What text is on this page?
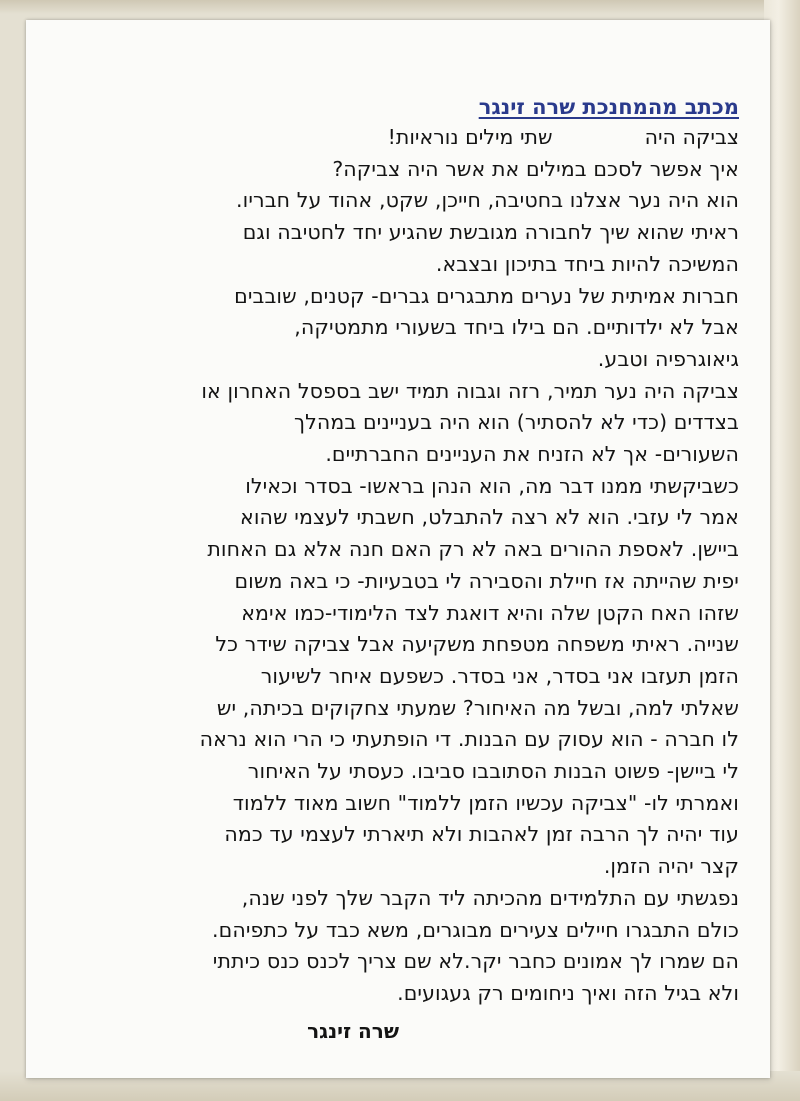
מכתב מהמחנכת שרה זינגר
צביקה היהשתי מילים נוראיות!
איך אפשר לסכם במילים את אשר היה צביקה?
הוא היה נער אצלנו בחטיבה, חייכן, שקט, אהוד על חבריו.
ראיתי שהוא שיך לחבורה מגובשת שהגיע יחד לחטיבה וגם
המשיכה להיות ביחד בתיכון ובצבא.
חברות אמיתית של נערים מתבגרים גברים- קטנים, שובבים
אבל לא ילדותיים. הם בילו ביחד בשעורי מתמטיקה,
גיאוגרפיה וטבע.
צביקה היה נער תמיר, רזה וגבוה תמיד ישב בספסל האחרון או
בצדדים (כדי לא להסתיר) הוא היה בעניינים במהלך
השעורים- אך לא הזניח את העניינים החברתיים.
כשביקשתי ממנו דבר מה, הוא הנהן בראשו- בסדר וכאילו
אמר לי עזבי. הוא לא רצה להתבלט, חשבתי לעצמי שהוא
ביישן. לאספת ההורים באה לא רק האם חנה אלא גם האחות
יפית שהייתה אז חיילת והסבירה לי בטבעיות- כי באה משום
שזהו האח הקטן שלה והיא דואגת לצד הלימודי-כמו אימא
שנייה. ראיתי משפחה מטפחת משקיעה אבל צביקה שידר כל
הזמן תעזבו אני בסדר, אני בסדר. כשפעם איחר לשיעור
שאלתי למה, ובשל מה האיחור? שמעתי צחקוקים בכיתה, יש
לו חברה - הוא עסוק עם הבנות. די הופתעתי כי הרי הוא נראה
לי ביישן- פשוט הבנות הסתובבו סביבו. כעסתי על האיחור
ואמרתי לו- "צביקה עכשיו הזמן ללמוד" חשוב מאוד ללמוד
עוד יהיה לך הרבה זמן לאהבות ולא תיארתי לעצמי עד כמה
קצר יהיה הזמן.
נפגשתי עם התלמידים מהכיתה ליד הקבר שלך לפני שנה,
כולם התבגרו חיילים צעירים מבוגרים, משא כבד על כתפיהם.
הם שמרו לך אמונים כחבר יקר.לא שם צריך לכנס כנס כיתתי
ולא בגיל הזה ואיך ניחומים רק געגועים.
שרה זינגר
